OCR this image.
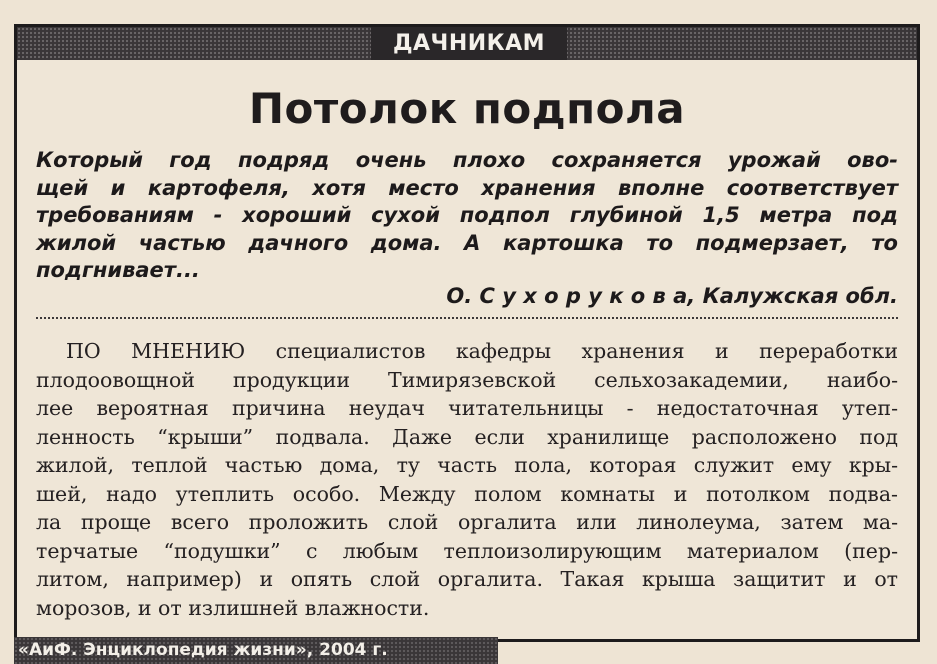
ДАЧНИКАМ
Потолок подпола
Который год подряд очень плохо сохраняется урожай ово-
щей и картофеля, хотя место хранения вполне соответствует
требованиям - хороший сухой подпол глубиной 1,5 метра под
жилой частью дачного дома. А картошка то подмерзает, то
подгнивает...
О. С у х о р у к о в а, Калужская обл.
ПО МНЕНИЮ специалистов кафедры хранения и переработки
плодоовощной продукции Тимирязевской сельхозакадемии, наибо-
лее вероятная причина неудач читательницы - недостаточная утеп-
ленность “крыши” подвала. Даже если хранилище расположено под
жилой, теплой частью дома, ту часть пола, которая служит ему кры-
шей, надо утеплить особо. Между полом комнаты и потолком подва-
ла проще всего проложить слой оргалита или линолеума, затем ма-
терчатые “подушки” с любым теплоизолирующим материалом (пер-
литом, например) и опять слой оргалита. Такая крыша защитит и от
морозов, и от излишней влажности.
«АиФ. Энциклопедия жизни», 2004 г.
